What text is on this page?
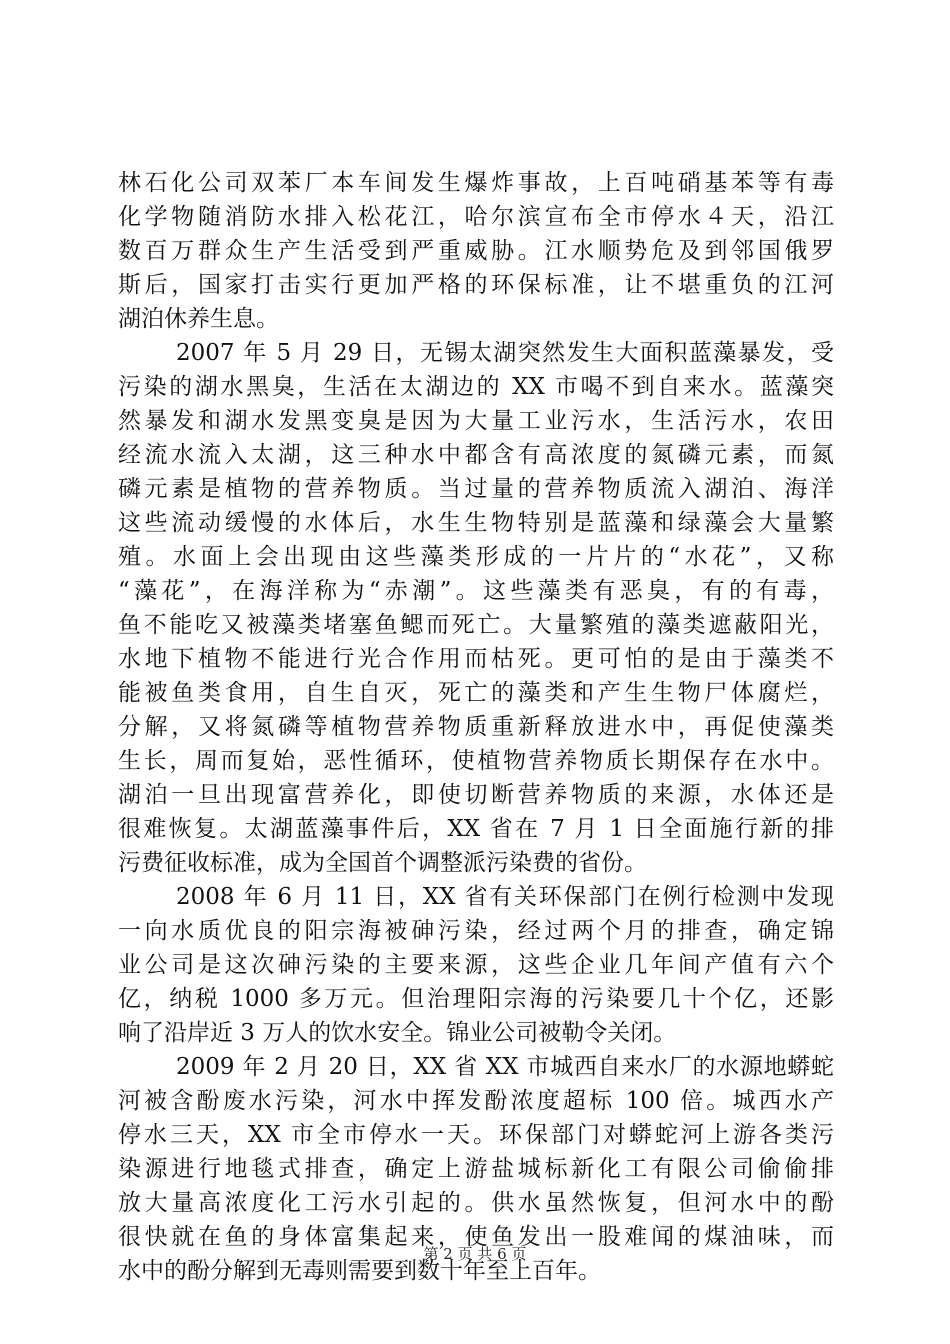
林石化公司双苯厂本车间发生爆炸事故，上百吨硝基苯等有毒
化学物随消防水排入松花江，哈尔滨宣布全市停水４天，沿江
数百万群众生产生活受到严重威胁。江水顺势危及到邻国俄罗
斯后，国家打击实行更加严格的环保标准，让不堪重负的江河
湖泊休养生息。
2007 年 5 月 29 日，无锡太湖突然发生大面积蓝藻暴发，受
污染的湖水黑臭，生活在太湖边的 XX 市喝不到自来水。蓝藻突
然暴发和湖水发黑变臭是因为大量工业污水，生活污水，农田
经流水流入太湖，这三种水中都含有高浓度的氮磷元素，而氮
磷元素是植物的营养物质。当过量的营养物质流入湖泊、海洋
这些流动缓慢的水体后，水生生物特别是蓝藻和绿藻会大量繁
殖。水面上会出现由这些藻类形成的一片片的“水花”，又称
“藻花”，在海洋称为“赤潮”。这些藻类有恶臭，有的有毒，
鱼不能吃又被藻类堵塞鱼鳃而死亡。大量繁殖的藻类遮蔽阳光，
水地下植物不能进行光合作用而枯死。更可怕的是由于藻类不
能被鱼类食用，自生自灭，死亡的藻类和产生生物尸体腐烂，
分解，又将氮磷等植物营养物质重新释放进水中，再促使藻类
生长，周而复始，恶性循环，使植物营养物质长期保存在水中。
湖泊一旦出现富营养化，即使切断营养物质的来源，水体还是
很难恢复。太湖蓝藻事件后，XX 省在 7 月 1 日全面施行新的排
污费征收标准，成为全国首个调整派污染费的省份。
2008 年 6 月 11 日，XX 省有关环保部门在例行检测中发现
一向水质优良的阳宗海被砷污染，经过两个月的排查，确定锦
业公司是这次砷污染的主要来源，这些企业几年间产值有六个
亿，纳税 1000 多万元。但治理阳宗海的污染要几十个亿，还影
响了沿岸近 3 万人的饮水安全。锦业公司被勒令关闭。
2009 年 2 月 20 日，XX 省 XX 市城西自来水厂的水源地蟒蛇
河被含酚废水污染，河水中挥发酚浓度超标 100 倍。城西水产
停水三天，XX 市全市停水一天。环保部门对蟒蛇河上游各类污
染源进行地毯式排查，确定上游盐城标新化工有限公司偷偷排
放大量高浓度化工污水引起的。供水虽然恢复，但河水中的酚
很快就在鱼的身体富集起来，使鱼发出一股难闻的煤油味，而
水中的酚分解到无毒则需要到数十年至上百年。
第 2 页 共 6 页
